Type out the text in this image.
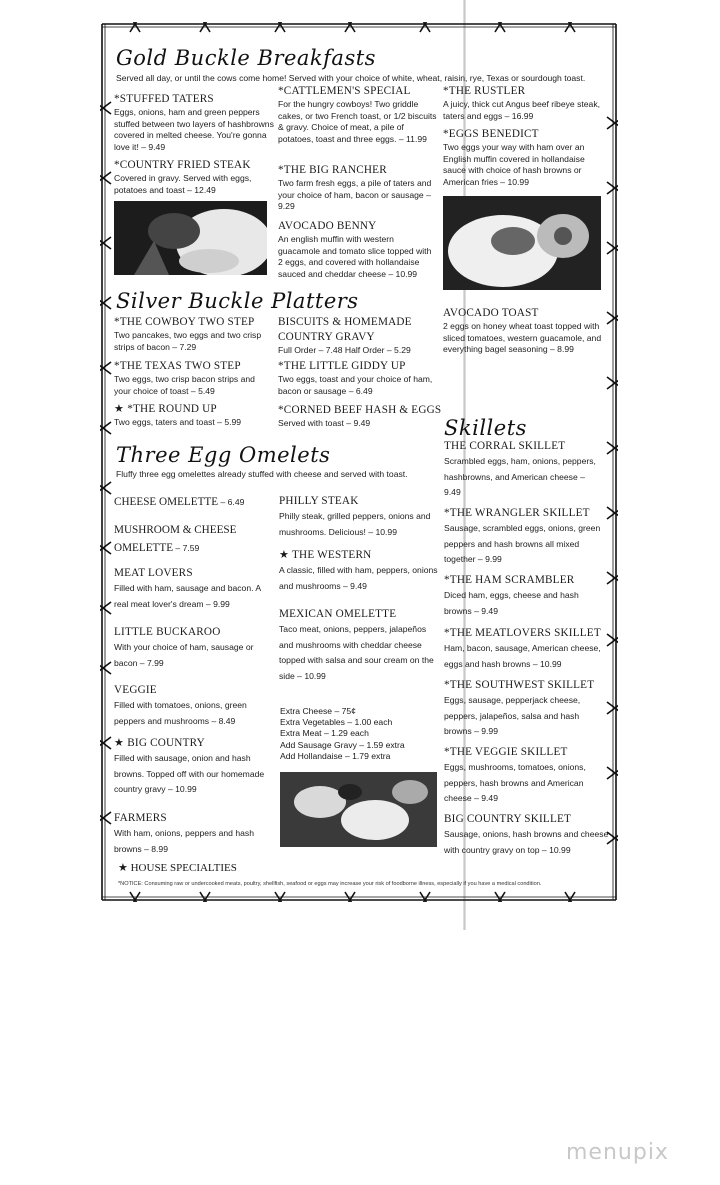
Gold Buckle Breakfasts
Served all day, or until the cows come home! Served with your choice of white, wheat, raisin, rye, Texas or sourdough toast.
*STUFFED TATERS
Eggs, onions, ham and green peppers stuffed between two layers of hashbrowns covered in melted cheese. You're gonna love it! – 9.49
*COUNTRY FRIED STEAK
Covered in gravy. Served with eggs, potatoes and toast – 12.49
*CATTLEMEN'S SPECIAL
For the hungry cowboys! Two griddle cakes, or two French toast, or 1/2 biscuits & gravy. Choice of meat, a pile of potatoes, toast and three eggs. – 11.99
*THE BIG RANCHER
Two farm fresh eggs, a pile of taters and your choice of ham, bacon or sausage – 9.29
AVOCADO BENNY
An english muffin with western guacamole and tomato slice topped with 2 eggs, and covered with hollandaise sauced and cheddar cheese – 10.99
*THE RUSTLER
A juicy, thick cut Angus beef ribeye steak, taters and eggs – 16.99
*EGGS BENEDICT
Two eggs your way with ham over an English muffin covered in hollandaise sauce with choice of hash browns or American fries – 10.99
Silver Buckle Platters
*THE COWBOY TWO STEP
Two pancakes, two eggs and two crisp strips of bacon – 7.29
*THE TEXAS TWO STEP
Two eggs, two crisp bacon strips and your choice of toast – 5.49
★ *THE ROUND UP
Two eggs, taters and toast – 5.99
BISCUITS & HOMEMADE COUNTRY GRAVY
Full Order – 7.48 Half Order – 5.29
*THE LITTLE GIDDY UP
Two eggs, toast and your choice of ham, bacon or sausage – 6.49
*CORNED BEEF HASH & EGGS
Served with toast – 9.49
AVOCADO TOAST
2 eggs on honey wheat toast topped with sliced tomatoes, western guacamole, and everything bagel seasoning – 8.99
Three Egg Omelets
Fluffy three egg omelettes already stuffed with cheese and served with toast.
CHEESE OMELETTE – 6.49
MUSHROOM & CHEESE OMELETTE – 7.59
MEAT LOVERS
Filled with ham, sausage and bacon. A real meat lover's dream – 9.99
LITTLE BUCKAROO
With your choice of ham, sausage or bacon – 7.99
VEGGIE
Filled with tomatoes, onions, green peppers and mushrooms – 8.49
★ BIG COUNTRY
Filled with sausage, onion and hash browns. Topped off with our homemade country gravy – 10.99
FARMERS
With ham, onions, peppers and hash browns – 8.99
★ HOUSE SPECIALTIES
PHILLY STEAK
Philly steak, grilled peppers, onions and mushrooms. Delicious! – 10.99
★ THE WESTERN
A classic, filled with ham, peppers, onions and mushrooms – 9.49
MEXICAN OMELETTE
Taco meat, onions, peppers, jalapeños and mushrooms with cheddar cheese topped with salsa and sour cream on the side – 10.99
Extra Cheese – 75¢
Extra Vegetables – 1.00 each
Extra Meat – 1.29 each
Add Sausage Gravy – 1.59 extra
Add Hollandaise – 1.79 extra
Skillets
THE CORRAL SKILLET
Scrambled eggs, ham, onions, peppers, hashbrowns, and American cheese – 9.49
*THE WRANGLER SKILLET
Sausage, scrambled eggs, onions, green peppers and hash browns all mixed together – 9.99
*THE HAM SCRAMBLER
Diced ham, eggs, cheese and hash browns – 9.49
*THE MEATLOVERS SKILLET
Ham, bacon, sausage, American cheese, eggs and hash browns – 10.99
*THE SOUTHWEST SKILLET
Eggs, sausage, pepperjack cheese, peppers, jalapeños, salsa and hash browns – 9.99
*THE VEGGIE SKILLET
Eggs, mushrooms, tomatoes, onions, peppers, hash browns and American cheese – 9.49
BIG COUNTRY SKILLET
Sausage, onions, hash browns and cheese with country gravy on top – 10.99
*NOTICE: Consuming raw or undercooked meats, poultry, shellfish, seafood or eggs may increase your risk of foodborne illness, especially if you have a medical condition.
menupix
